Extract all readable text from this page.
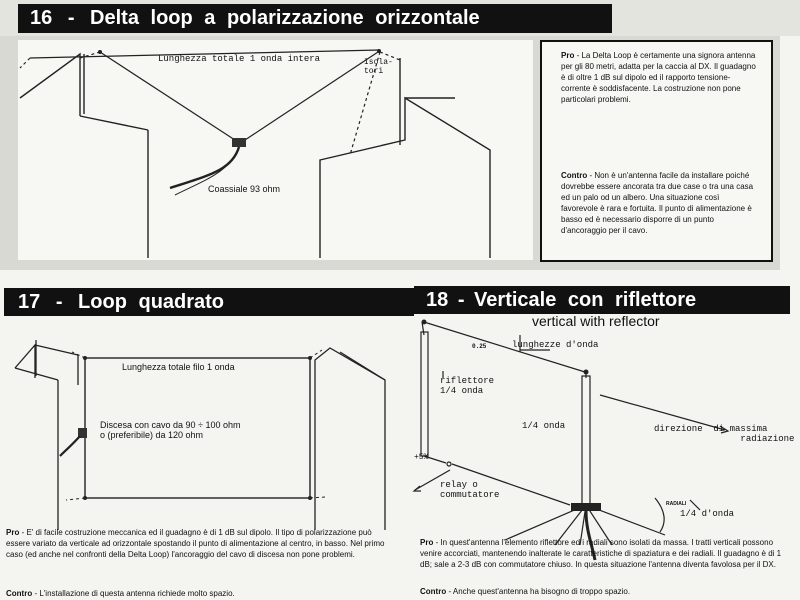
16 - Delta loop a polarizzazione orizzontale
Lunghezza totale 1 onda intera	Isola-
tori
Coassiale 93 ohm
Pro - La Delta Loop è certamente una signora antenna per gli 80 metri, adatta per la caccia al DX. Il guadagno è di oltre 1 dB sul dipolo ed il rapporto tensione-corrente è soddisfacente. La costruzione non pone particolari problemi.
Contro - Non è un'antenna facile da installare poiché dovrebbe essere ancorata tra due case o tra una casa ed un palo od un albero. Una situazione così favorevole è rara e fortuita. Il punto di alimentazione è basso ed è necessario disporre di un punto d'ancoraggio per il cavo.
17 - Loop quadrato
Lunghezza totale filo 1 onda
Discesa con cavo da 90 ÷ 100 ohm
o (preferibile) da 120 ohm
Pro - E' di facile costruzione meccanica ed il guadagno è di 1 dB sul dipolo. Il tipo di polarizzazione può essere variato da verticale ad orizzontale spostando il punto di alimentazione al centro, in basso. Nel primo caso (ed anche nel confronti della Delta Loop) l'ancoraggio del cavo di discesa non pone problemi.
Contro - L'installazione di questa antenna richiede molto spazio.
18 - Verticale con riflettore
vertical with reflector
0.25	lunghezze d'onda
riflettore
1/4 onda
1/4 onda	direzione  di massima
radiazione
+5%
relay o
commutatore
RADIALI
1/4 d'onda
Pro - In quest'antenna l'elemento riflettore ed i radiali sono isolati da massa. I tratti verticali possono venire accorciati, mantenendo inalterate le caratteristiche di spaziatura e dei radiali. Il guadagno è di 1 dB; sale a 2-3 dB con commutatore chiuso. In questa situazione l'antenna diventa favolosa per il DX.
Contro - Anche quest'antenna ha bisogno di troppo spazio.
